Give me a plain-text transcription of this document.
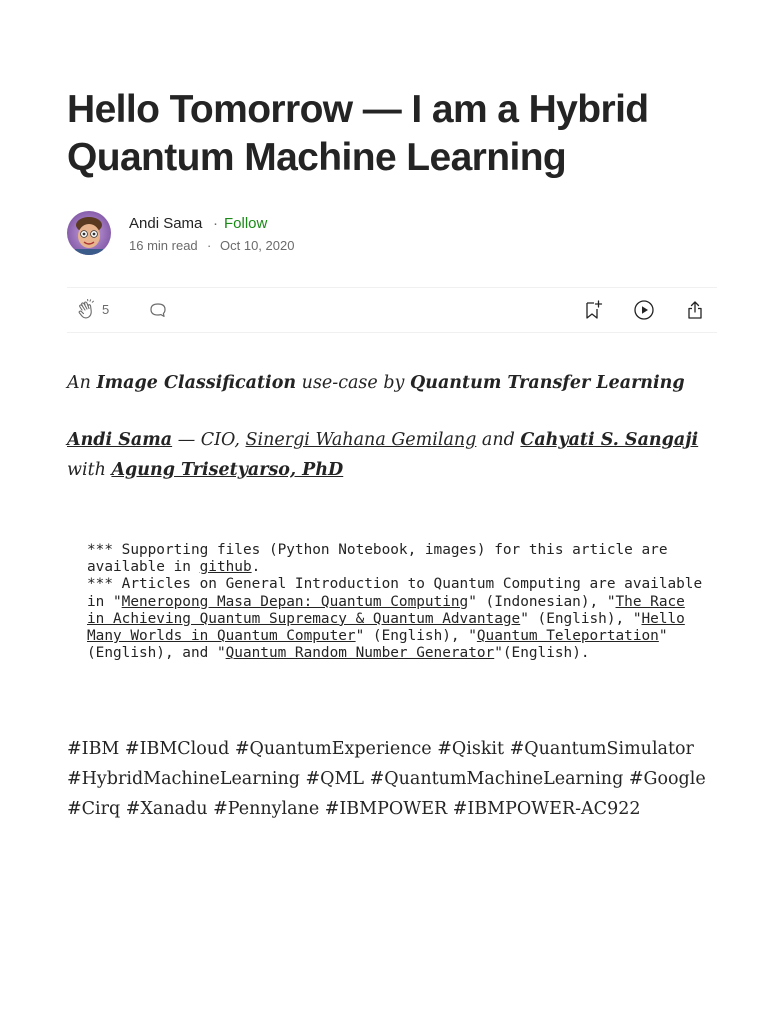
Hello Tomorrow — I am a Hybrid Quantum Machine Learning
Andi Sama · Follow
16 min read · Oct 10, 2020
5

An Image Classification use-case by Quantum Transfer Learning

Andi Sama — CIO, Sinergi Wahana Gemilang and Cahyati S. Sangaji with Agung Trisetyarso, PhD

*** Supporting files (Python Notebook, images) for this article are available in github.
*** Articles on General Introduction to Quantum Computing are available in "Meneropong Masa Depan: Quantum Computing" (Indonesian), "The Race in Achieving Quantum Supremacy & Quantum Advantage" (English), "Hello Many Worlds in Quantum Computer" (English), "Quantum Teleportation" (English), and "Quantum Random Number Generator"(English).

#IBM #IBMCloud #QuantumExperience #Qiskit #QuantumSimulator #HybridMachineLearning #QML #QuantumMachineLearning #Google #Cirq #Xanadu #Pennylane #IBMPOWER #IBMPOWER-AC922
